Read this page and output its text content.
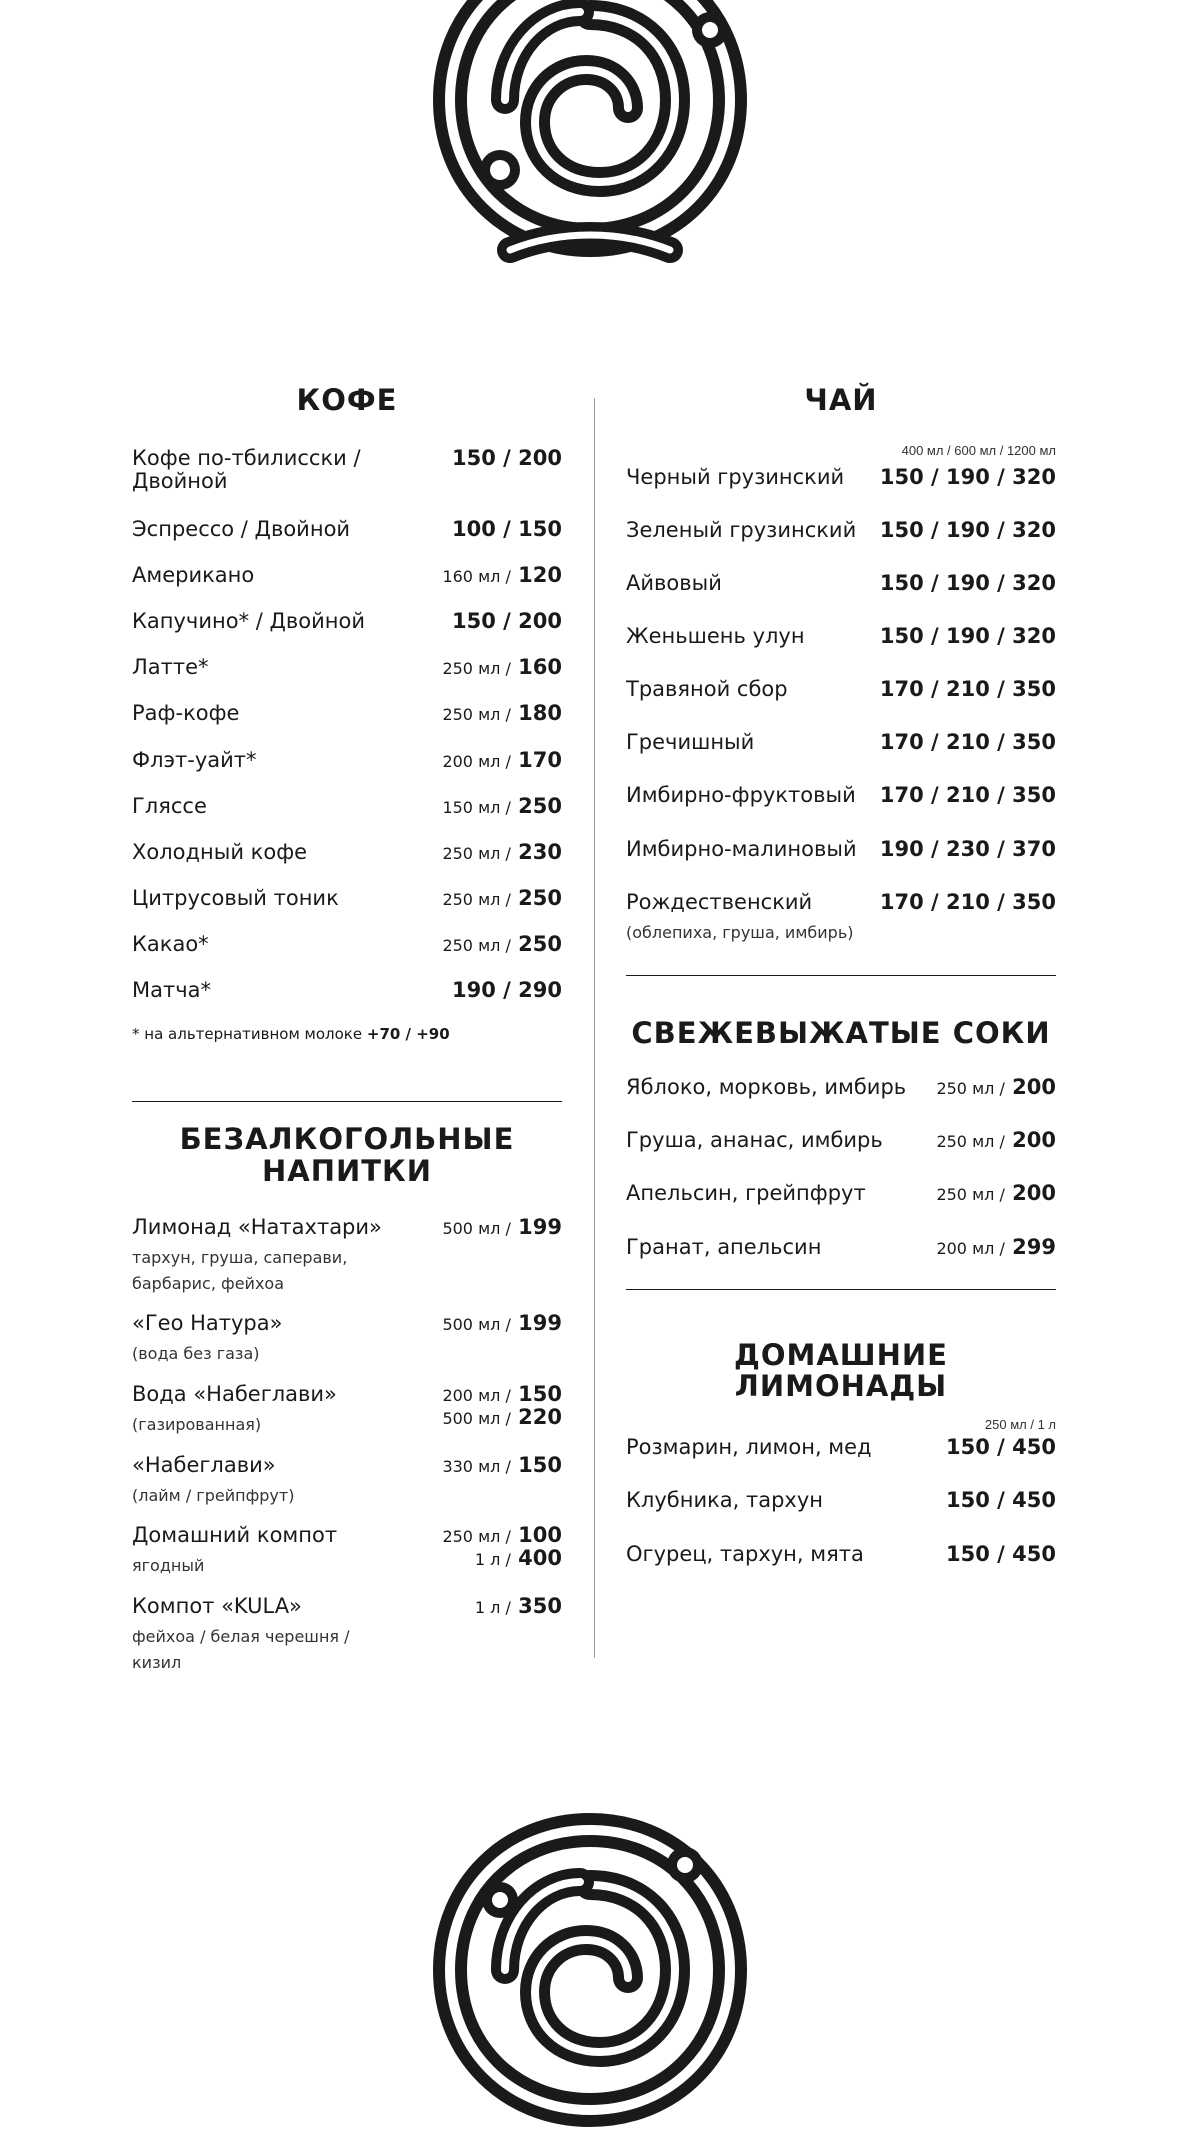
КОФЕ
Кофе по-тбилисски / Двойной
150 / 200
Эспрессо / Двойной	100 / 150
Американо	160 мл / 120
Капучино* / Двойной	150 / 200
Латте*	250 мл / 160
Раф-кофе	250 мл / 180
Флэт-уайт*	200 мл / 170
Гляссе	150 мл / 250
Холодный кофе	250 мл / 230
Цитрусовый тоник	250 мл / 250
Какао*	250 мл / 250
Матча*	190 / 290
* на альтернативном молоке +70 / +90
БЕЗАЛКОГОЛЬНЫЕ
НАПИТКИ
Лимонад «Натахтари»
тархун, груша, саперави, барбарис, фейхоа
500 мл / 199
«Гео Натура»
(вода без газа)
500 мл / 199
Вода «Набеглави»
(газированная)
200 мл / 150
500 мл / 220
«Набеглави»
(лайм / грейпфрут)
330 мл / 150
Домашний компот
ягодный
250 мл / 100
1 л / 400
Компот «KULA»
фейхоа / белая черешня / кизил
1 л / 350
ЧАЙ
400 мл / 600 мл / 1200 мл
Черный грузинский 150 / 190 / 320
Зеленый грузинский 150 / 190 / 320
Айвовый	150 / 190 / 320
Женьшень улун	150 / 190 / 320
Травяной сбор	170 / 210 / 350
Гречишный	170 / 210 / 350
Имбирно-фруктовый 170 / 210 / 350
Имбирно-малиновый 190 / 230 / 370
Рождественский
(облепиха, груша, имбирь)
170 / 210 / 350
СВЕЖЕВЫЖАТЫЕ СОКИ
Яблоко, морковь, имбирь 250 мл / 200
Груша, ананас, имбирь	250 мл / 200
Апельсин, грейпфрут	250 мл / 200
Гранат, апельсин	200 мл / 299
ДОМАШНИЕ ЛИМОНАДЫ
250 мл / 1 л
Розмарин, лимон, мед	150 / 450
Клубника, тархун	150 / 450
Огурец, тархун, мята	150 / 450
